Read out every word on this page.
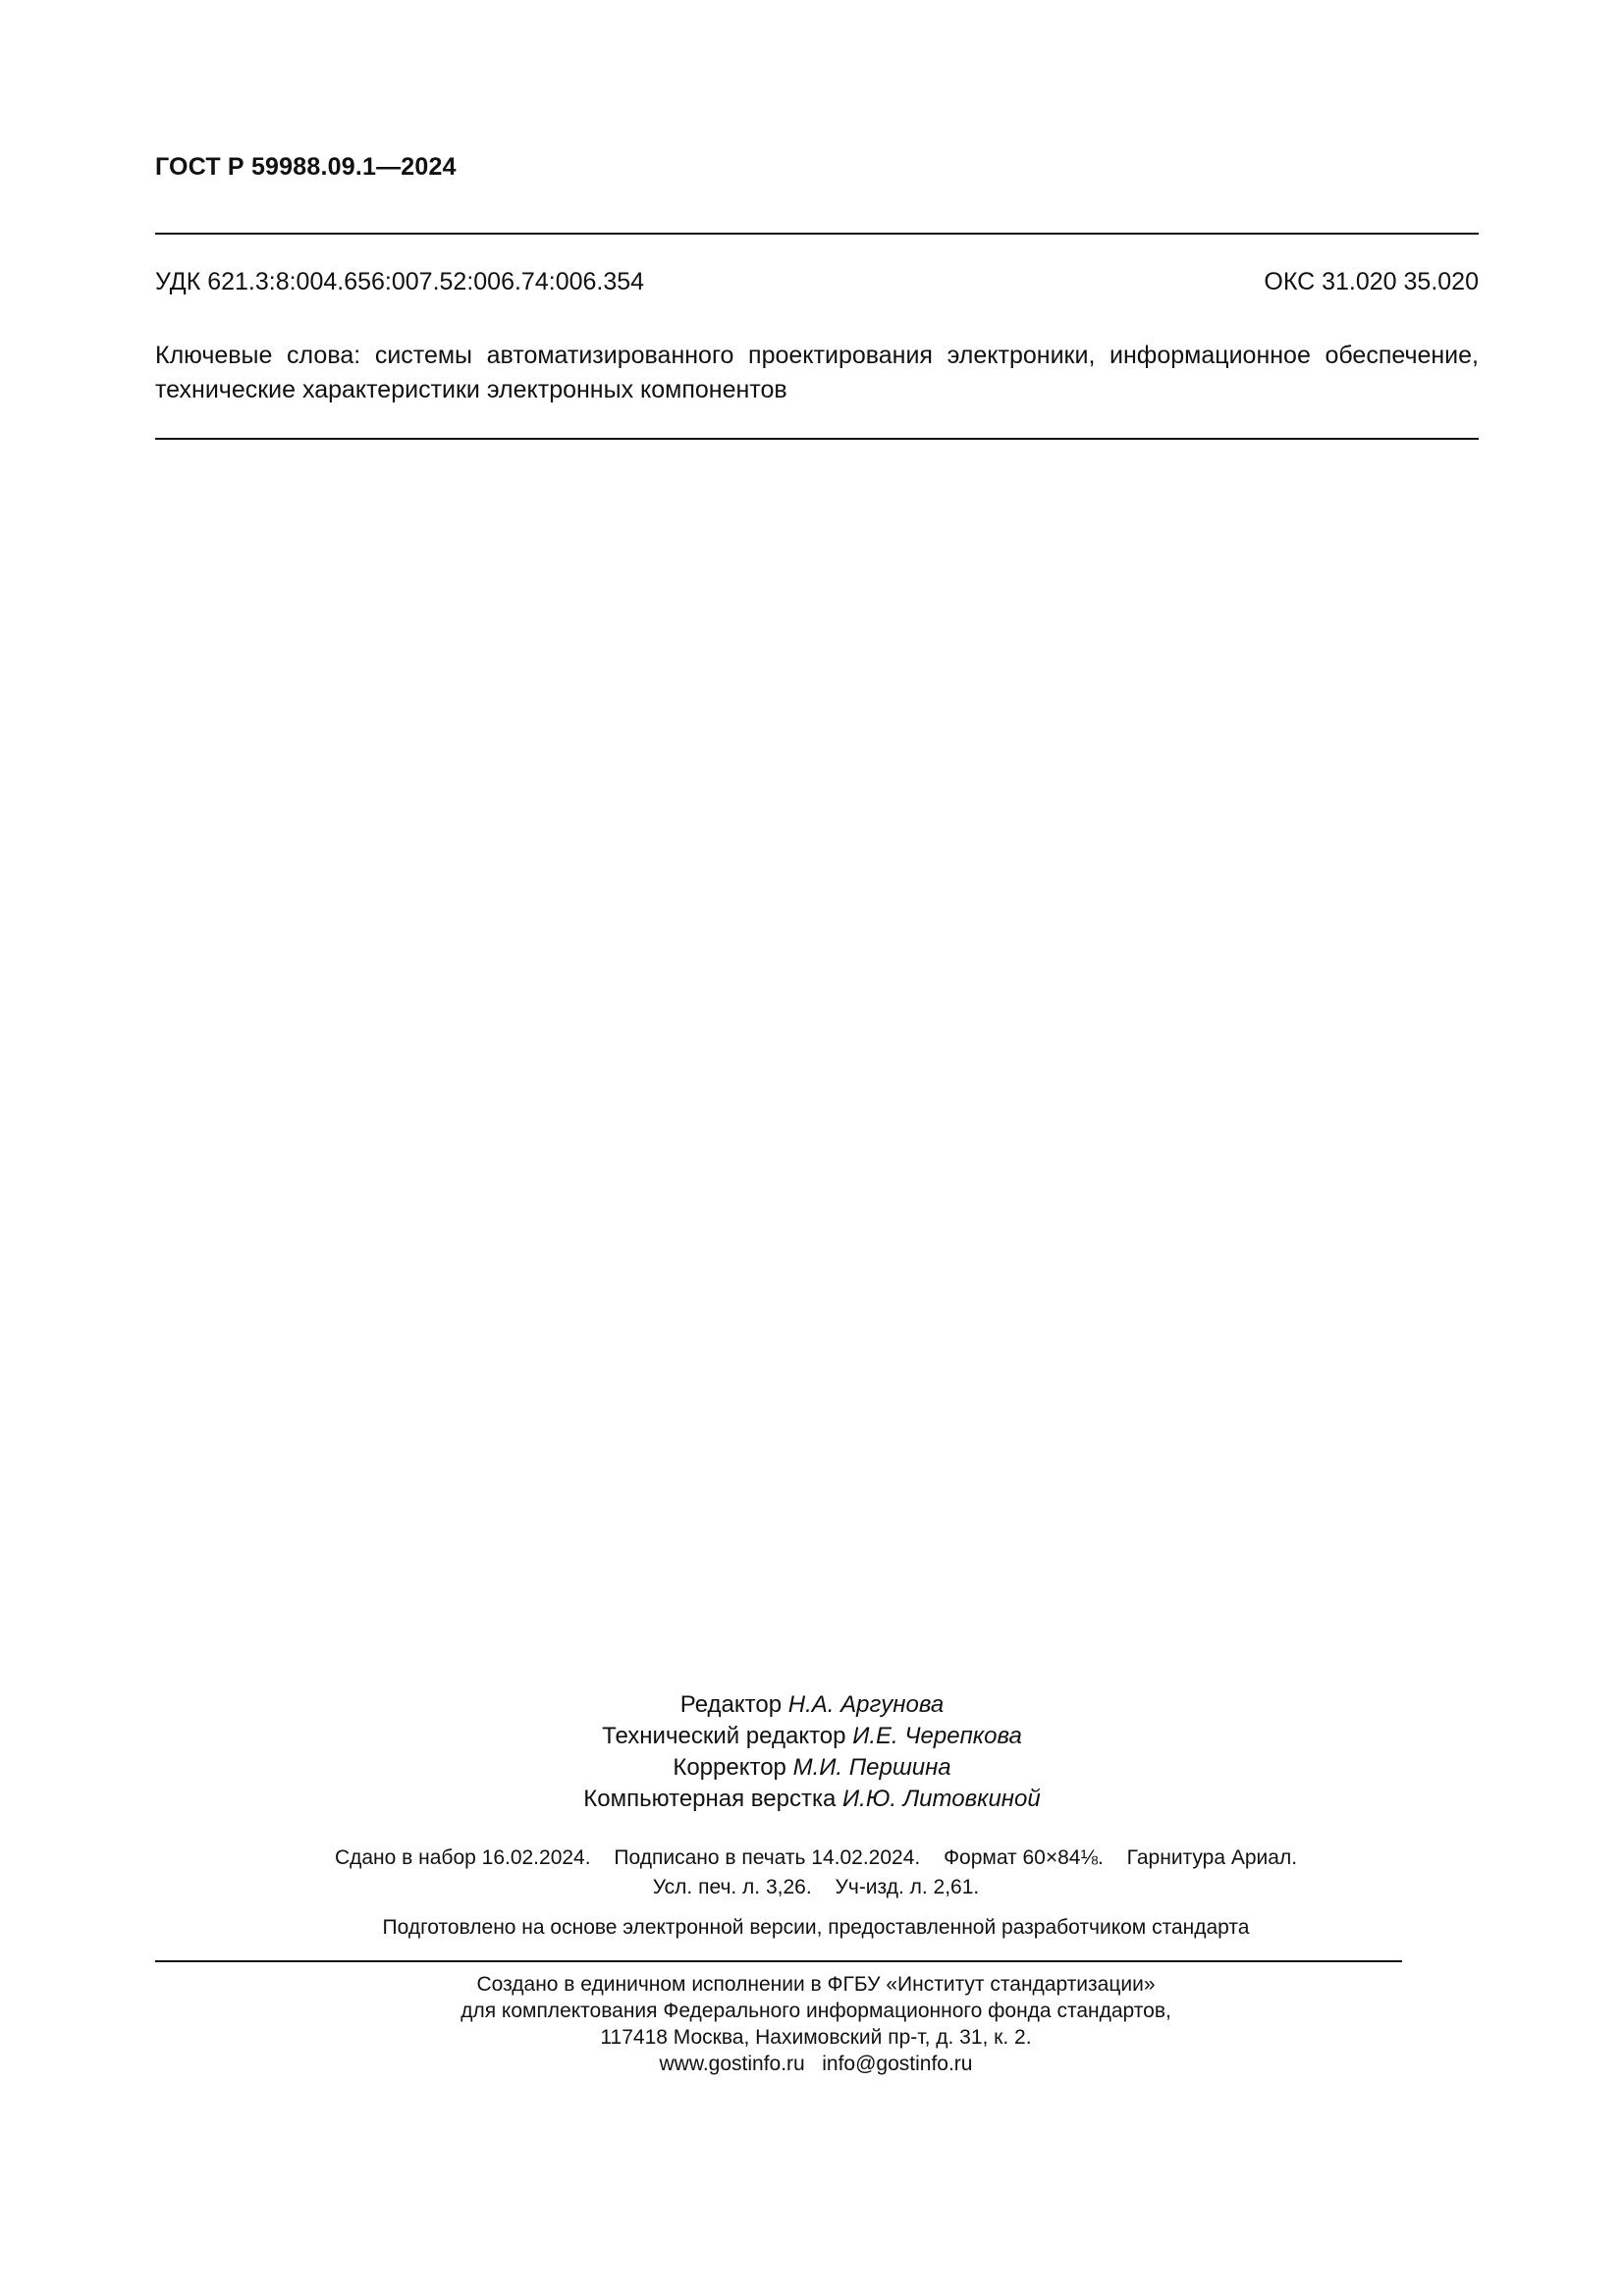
ГОСТ Р 59988.09.1—2024
УДК 621.3:8:004.656:007.52:006.74:006.354	ОКС 31.020 35.020
Ключевые слова: системы автоматизированного проектирования электроники, информационное обеспечение, технические характеристики электронных компонентов
Редактор Н.А. Аргунова
Технический редактор И.Е. Черепкова
Корректор М.И. Першина
Компьютерная верстка И.Ю. Литовкиной
Сдано в набор 16.02.2024. Подписано в печать 14.02.2024. Формат 60×84⅛. Гарнитура Ариал.
Усл. печ. л. 3,26. Уч-изд. л. 2,61.
Подготовлено на основе электронной версии, предоставленной разработчиком стандарта
Создано в единичном исполнении в ФГБУ «Институт стандартизации»
для комплектования Федерального информационного фонда стандартов,
117418 Москва, Нахимовский пр-т, д. 31, к. 2.
www.gostinfo.ru info@gostinfo.ru
